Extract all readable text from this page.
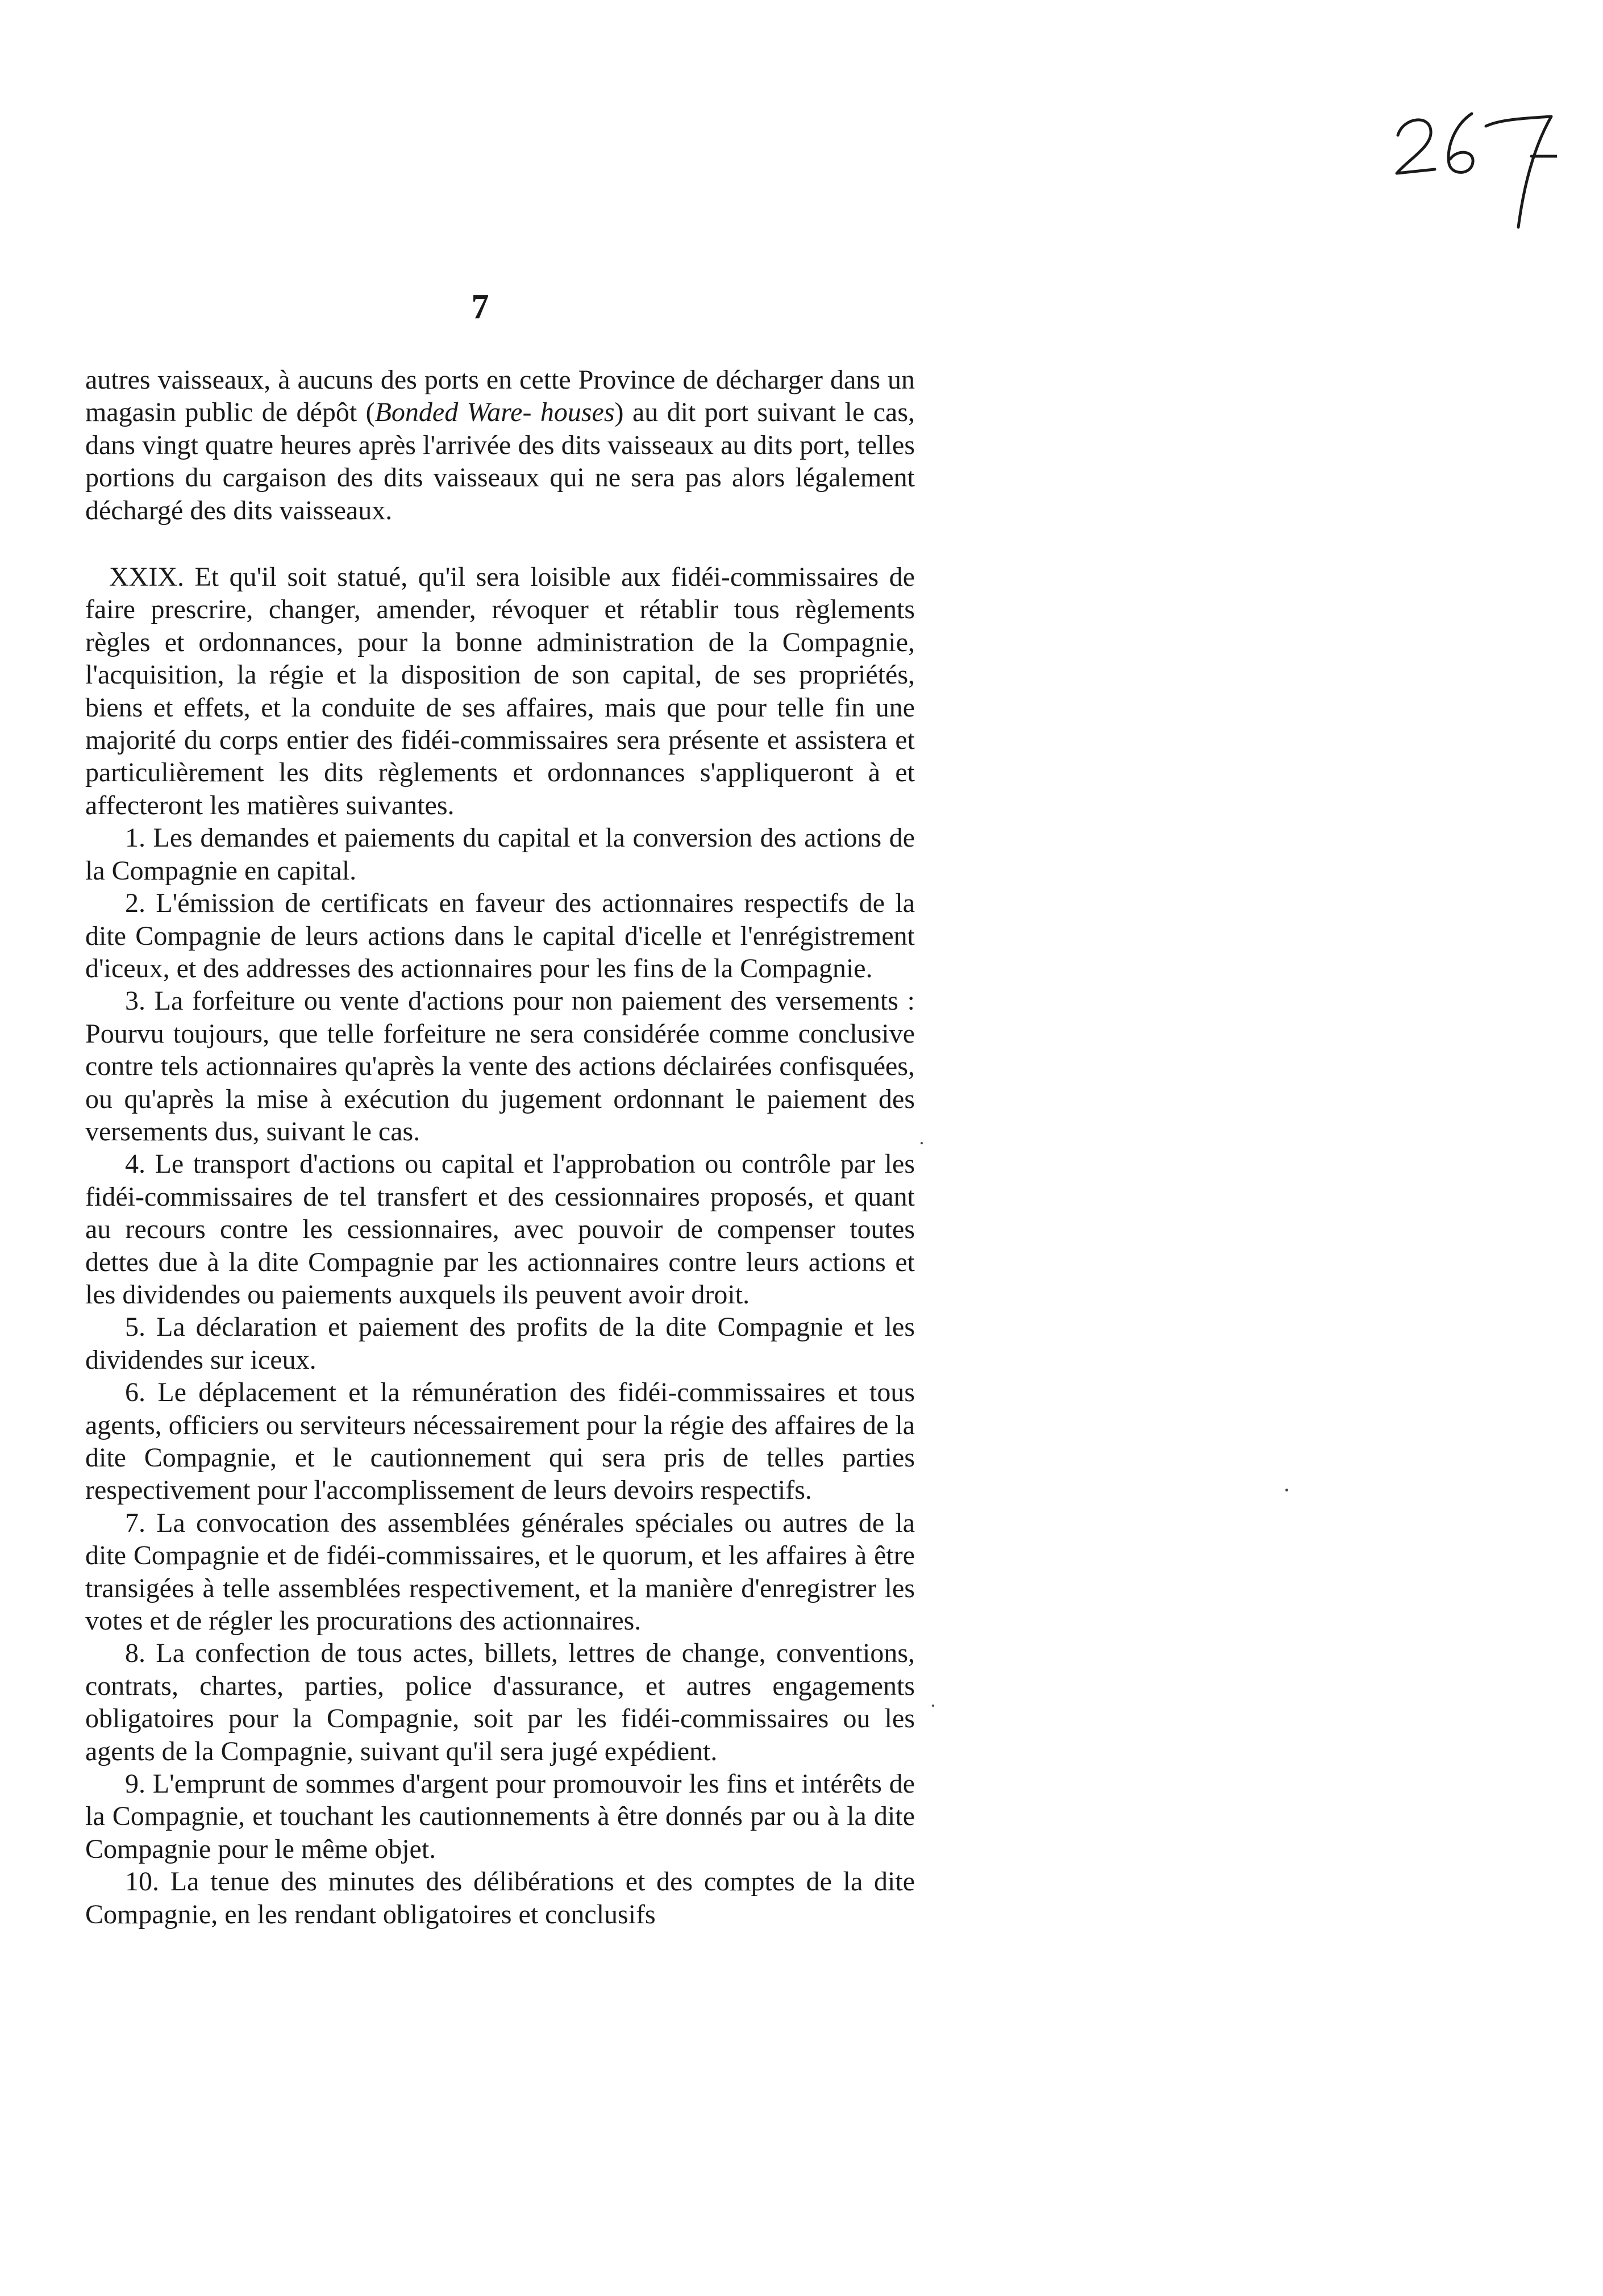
7

autres vaisseaux, à aucuns des ports en cette Province de décharger dans un magasin public de dépôt (Bonded Ware- houses) au dit port suivant le cas, dans vingt quatre heures après l'arrivée des dits vaisseaux au dits port, telles portions du cargaison des dits vaisseaux qui ne sera pas alors légalement déchargé des dits vaisseaux.

XXIX. Et qu'il soit statué, qu'il sera loisible aux fidéi-commissaires de faire prescrire, changer, amender, révoquer et rétablir tous règlements règles et ordonnances, pour la bonne administration de la Compagnie, l'acquisition, la régie et la disposition de son capital, de ses propriétés, biens et effets, et la conduite de ses affaires, mais que pour telle fin une majorité du corps entier des fidéi-commissaires sera présente et assistera et particulièrement les dits règlements et ordonnances s'appliqueront à et affecteront les matières suivantes.

1. Les demandes et paiements du capital et la conversion des actions de la Compagnie en capital.

2. L'émission de certificats en faveur des actionnaires respectifs de la dite Compagnie de leurs actions dans le capital d'icelle et l'enrégistrement d'iceux, et des addresses des actionnaires pour les fins de la Compagnie.

3. La forfeiture ou vente d'actions pour non paiement des versements : Pourvu toujours, que telle forfeiture ne sera considérée comme conclusive contre tels actionnaires qu'après la vente des actions déclairées confisquées, ou qu'après la mise à exécution du jugement ordonnant le paiement des versements dus, suivant le cas.

4. Le transport d'actions ou capital et l'approbation ou contrôle par les fidéi-commissaires de tel transfert et des cessionnaires proposés, et quant au recours contre les cessionnaires, avec pouvoir de compenser toutes dettes due à la dite Compagnie par les actionnaires contre leurs actions et les dividendes ou paiements auxquels ils peuvent avoir droit.

5. La déclaration et paiement des profits de la dite Compagnie et les dividendes sur iceux.

6. Le déplacement et la rémunération des fidéi-commissaires et tous agents, officiers ou serviteurs nécessairement pour la régie des affaires de la dite Compagnie, et le cautionnement qui sera pris de telles parties respectivement pour l'accomplissement de leurs devoirs respectifs.

7. La convocation des assemblées générales spéciales ou autres de la dite Compagnie et de fidéi-commissaires, et le quorum, et les affaires à être transigées à telle assemblées respectivement, et la manière d'enregistrer les votes et de régler les procurations des actionnaires.

8. La confection de tous actes, billets, lettres de change, conventions, contrats, chartes, parties, police d'assurance, et autres engagements obligatoires pour la Compagnie, soit par les fidéi-commissaires ou les agents de la Compagnie, suivant qu'il sera jugé expédient.

9. L'emprunt de sommes d'argent pour promouvoir les fins et intérêts de la Compagnie, et touchant les cautionnements à être donnés par ou à la dite Compagnie pour le même objet.

10. La tenue des minutes des délibérations et des comptes de la dite Compagnie, en les rendant obligatoires et conclusifs
